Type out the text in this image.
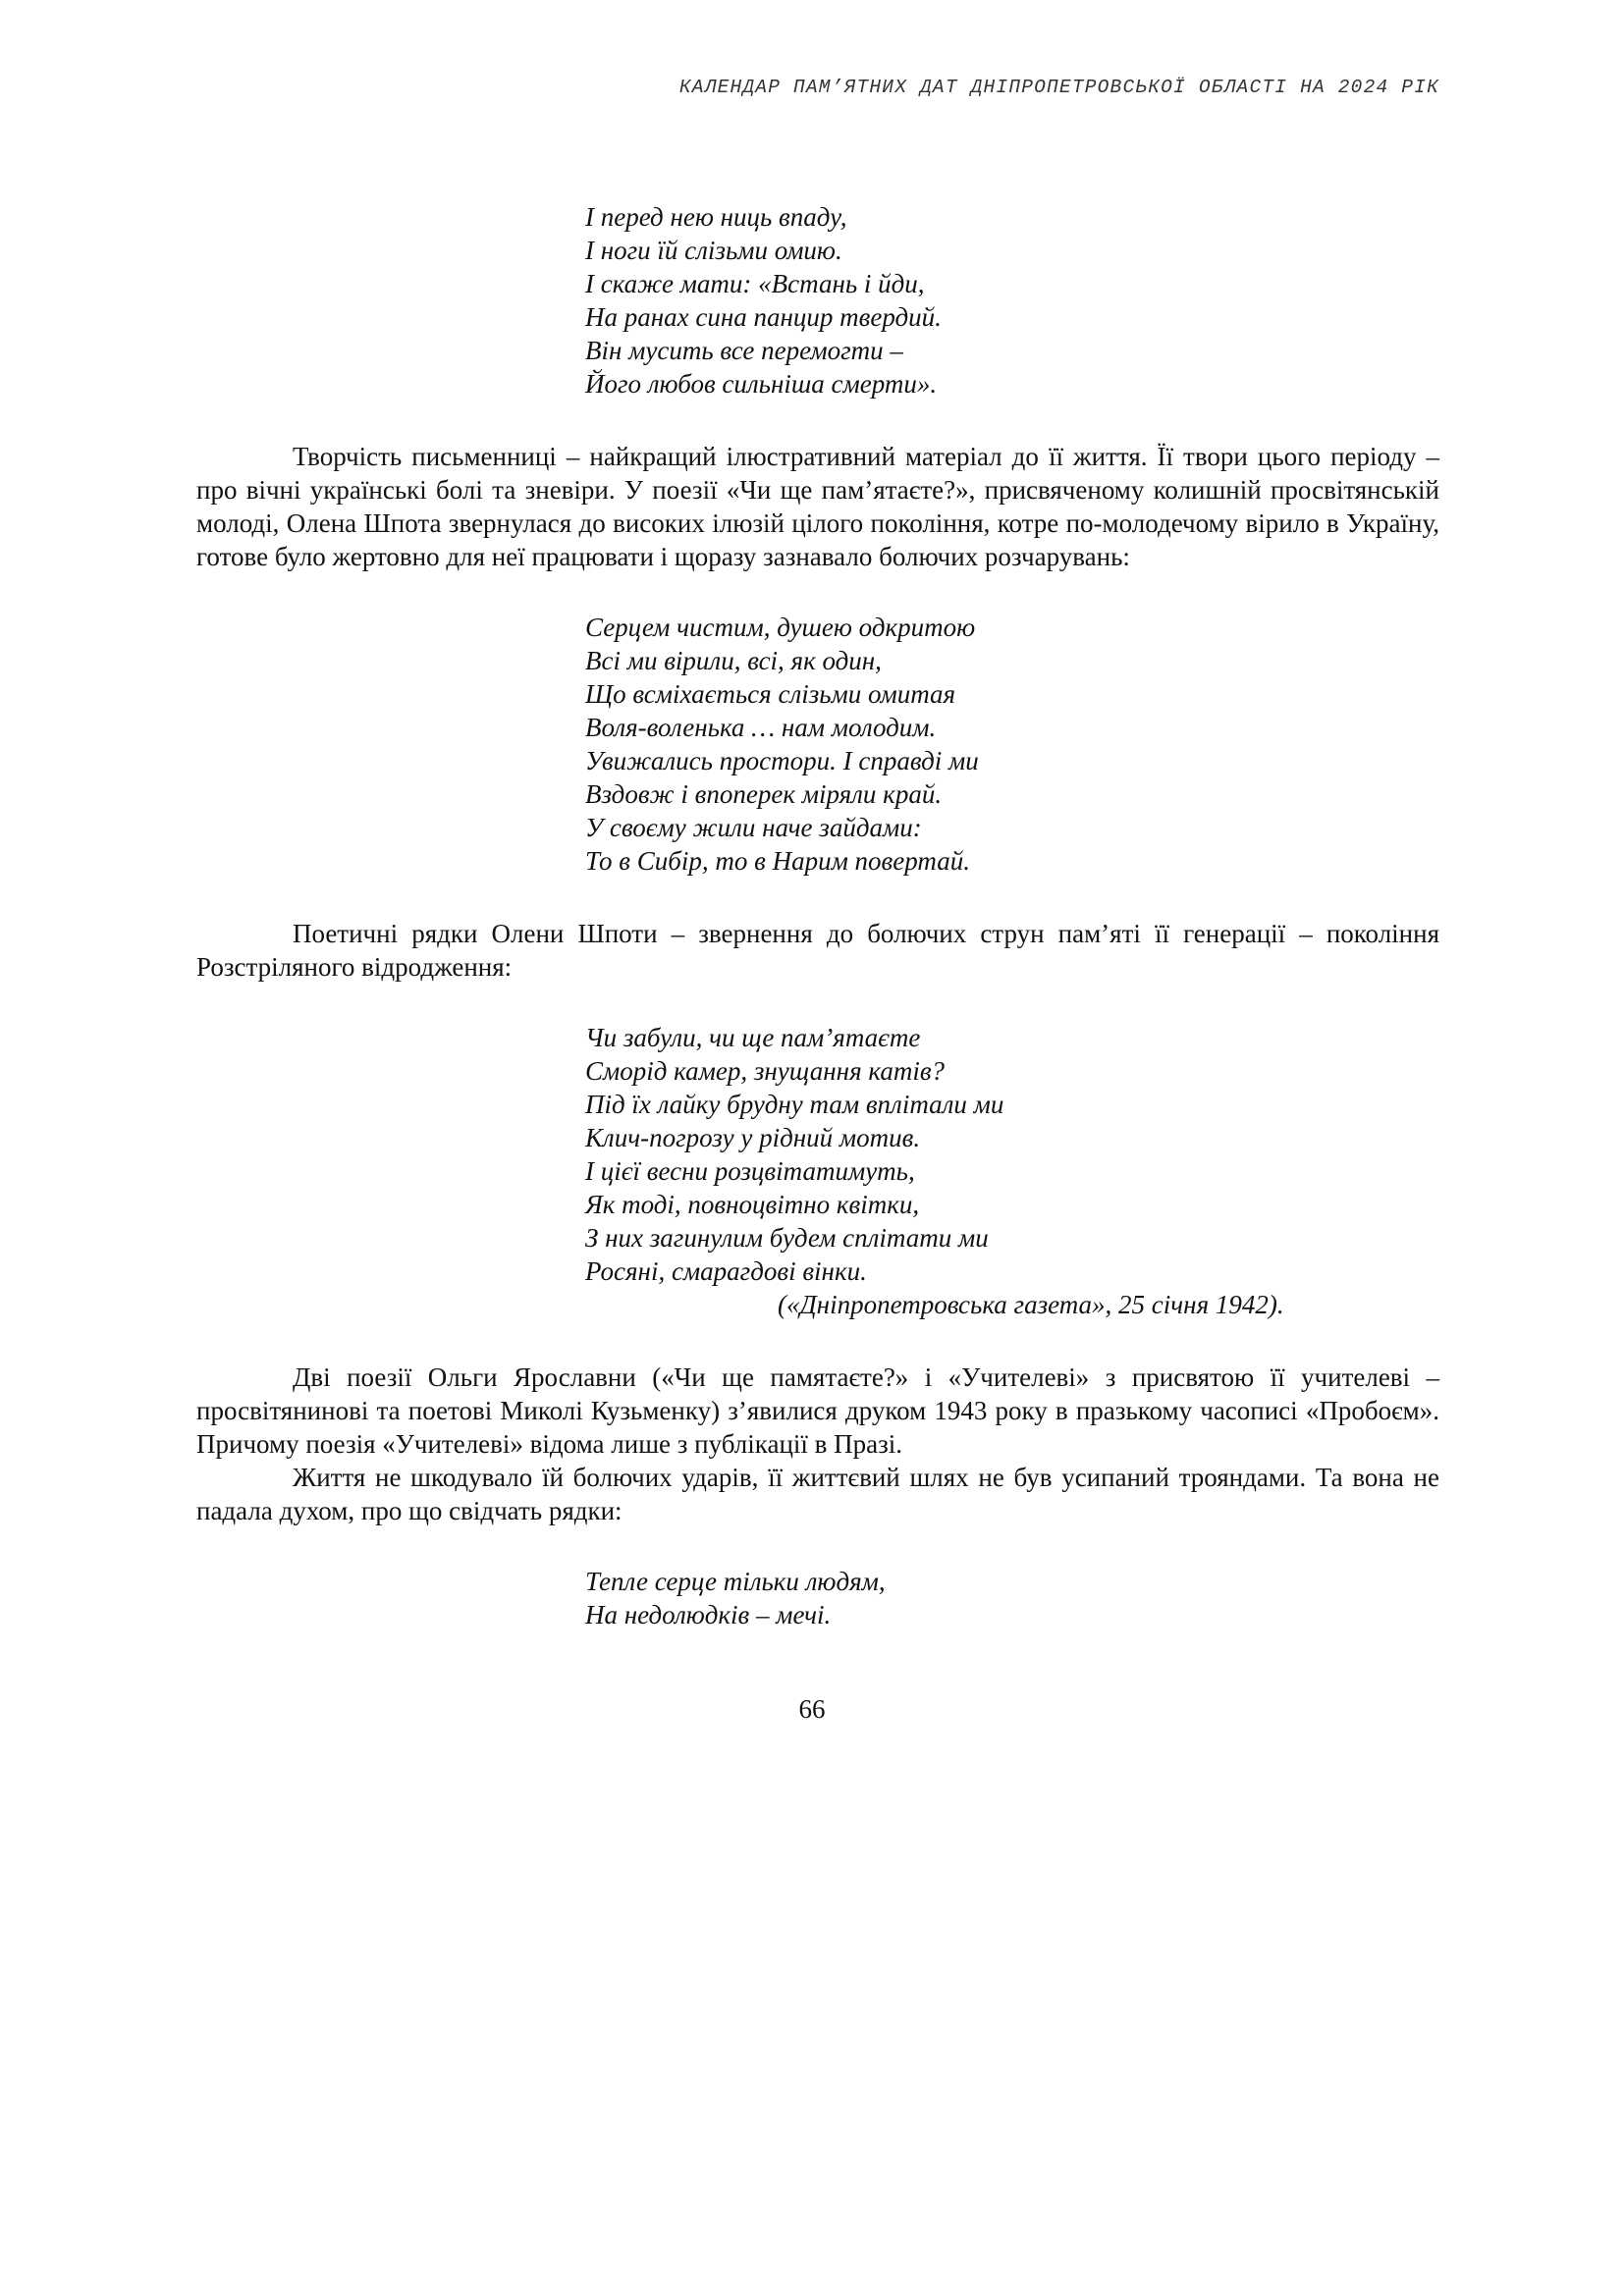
КАЛЕНДАР ПАМ’ЯТНИХ ДАТ ДНІПРОПЕТРОВСЬКОЇ ОБЛАСТІ НА 2024 РІК
І перед нею ниць впаду,
І ноги їй слізьми омию.
І скаже мати: «Встань і йди,
На ранах сина панцир твердий.
Він мусить все перемогти –
Його любов сильніша смерти».

Творчість письменниці – найкращий ілюстративний матеріал до її життя. Її твори цього періоду – про вічні українські болі та зневіри. У поезії «Чи ще пам’ятаєте?», присвяченому колишній просвітянській молоді, Олена Шпота звернулася до високих ілюзій цілого покоління, котре по-молодечому вірило в Україну, готове було жертовно для неї працювати і щоразу зазнавало болючих розчарувань:

Серцем чистим, душею одкритою
Всі ми вірили, всі, як один,
Що всміхається слізьми омитая
Воля-воленька … нам молодим.
Увижались простори. І справді ми
Вздовж і впоперек міряли край.
У своєму жили наче зайдами:
То в Сибір, то в Нарим повертай.

Поетичні рядки Олени Шпоти – звернення до болючих струн пам’яті її генерації – покоління Розстріляного відродження:

Чи забули, чи ще пам’ятаєте
Сморід камер, знущання катів?
Під їх лайку брудну там вплітали ми
Клич-погрозу у рідний мотив.
І цієї весни розцвітатимуть,
Як тоді, повноцвітно квітки,
З них загинулим будем сплітати ми
Росяні, смарагдові вінки.
(«Дніпропетровська газета», 25 січня 1942).

Дві поезії Ольги Ярославни («Чи ще памятаєте?» і «Учителеві» з присвятою її учителеві – просвітянинові та поетові Миколі Кузьменку) з’явилися друком 1943 року в празькому часописі «Пробоєм». Причому поезія «Учителеві» відома лише з публікації в Празі.

Життя не шкодувало їй болючих ударів, її життєвий шлях не був усипаний трояндами. Та вона не падала духом, про що свідчать рядки:

Тепле серце тільки людям,
На недолюдків – мечі.
66
